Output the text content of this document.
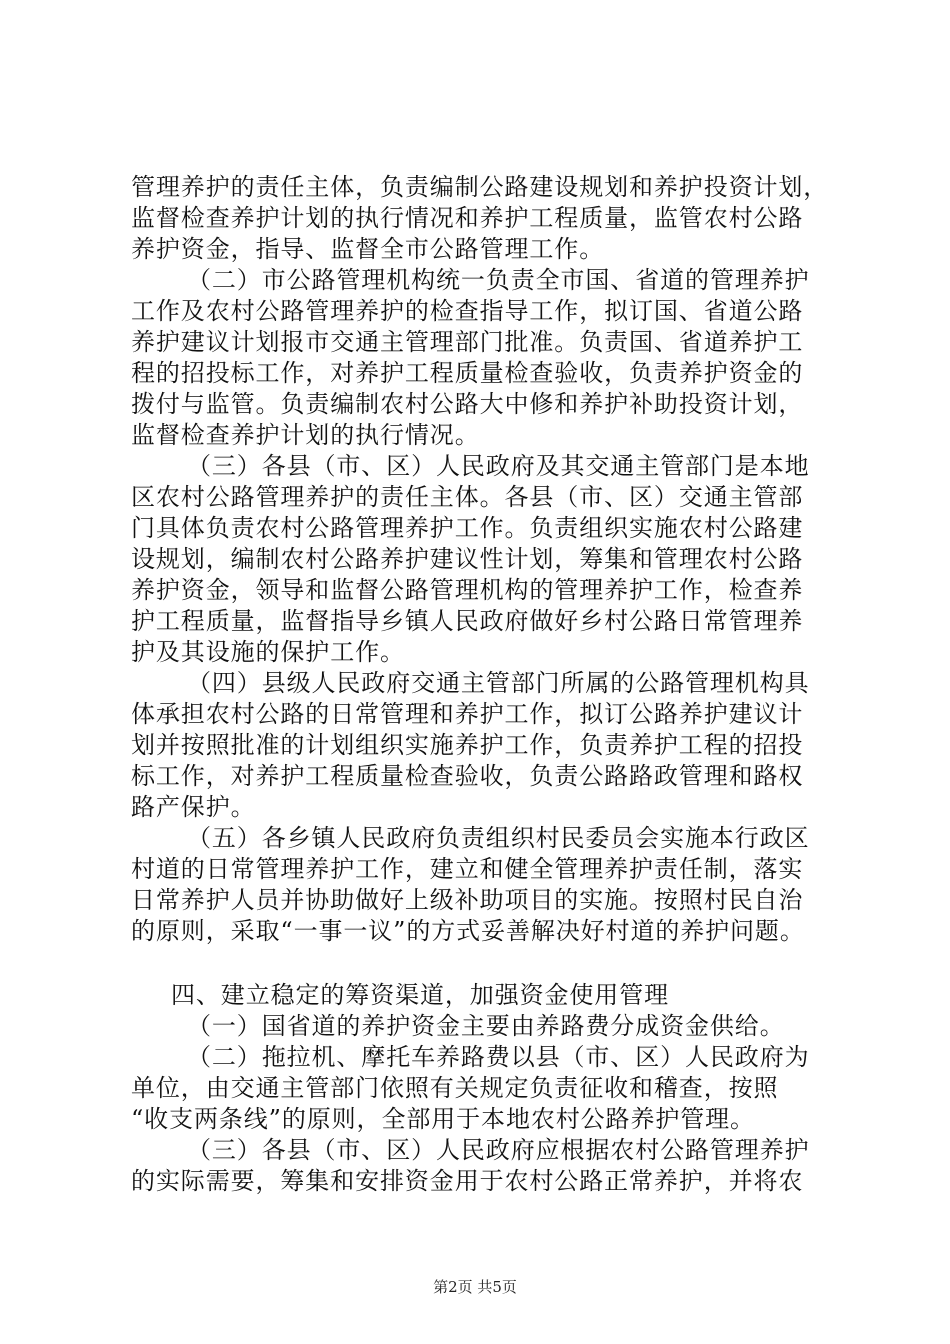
管理养护的责任主体，负责编制公路建设规划和养护投资计划，
监督检查养护计划的执行情况和养护工程质量，监管农村公路
养护资金，指导、监督全市公路管理工作。
（二）市公路管理机构统一负责全市国、省道的管理养护
工作及农村公路管理养护的检查指导工作，拟订国、省道公路
养护建议计划报市交通主管理部门批准。负责国、省道养护工
程的招投标工作，对养护工程质量检查验收，负责养护资金的
拨付与监管。负责编制农村公路大中修和养护补助投资计划，
监督检查养护计划的执行情况。
（三）各县（市、区）人民政府及其交通主管部门是本地
区农村公路管理养护的责任主体。各县（市、区）交通主管部
门具体负责农村公路管理养护工作。负责组织实施农村公路建
设规划，编制农村公路养护建议性计划，筹集和管理农村公路
养护资金，领导和监督公路管理机构的管理养护工作，检查养
护工程质量，监督指导乡镇人民政府做好乡村公路日常管理养
护及其设施的保护工作。
（四）县级人民政府交通主管部门所属的公路管理机构具
体承担农村公路的日常管理和养护工作，拟订公路养护建议计
划并按照批准的计划组织实施养护工作，负责养护工程的招投
标工作，对养护工程质量检查验收，负责公路路政管理和路权
路产保护。
（五）各乡镇人民政府负责组织村民委员会实施本行政区
村道的日常管理养护工作，建立和健全管理养护责任制，落实
日常养护人员并协助做好上级补助项目的实施。按照村民自治
的原则，采取“一事一议”的方式妥善解决好村道的养护问题。
四、建立稳定的筹资渠道，加强资金使用管理
（一）国省道的养护资金主要由养路费分成资金供给。
（二）拖拉机、摩托车养路费以县（市、区）人民政府为
单位，由交通主管部门依照有关规定负责征收和稽查，按照
“收支两条线”的原则，全部用于本地农村公路养护管理。
（三）各县（市、区）人民政府应根据农村公路管理养护
的实际需要，筹集和安排资金用于农村公路正常养护，并将农
第2页 共5页
